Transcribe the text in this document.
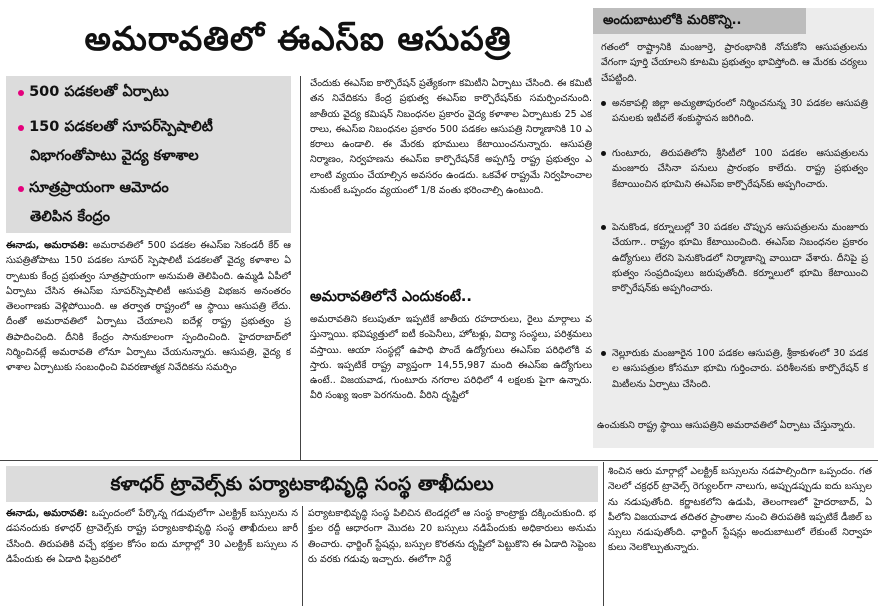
అమరావతిలో ఈఎస్ఐ ఆసుపత్రి
500 పడకలతో ఏర్పాటు
150 పడకలతో సూపర్‌స్పెషాలిటీ
విభాగంతోపాటు వైద్య కళాశాల
సూత్రప్రాయంగా ఆమోదం
తెలిపిన కేంద్రం
ఈనాడు, అమరావతి: అమరావతిలో 500 పడకల ఈఎస్ఐ సెకండరీ కేర్ ఆసుపత్రితోపాటు 150 పడకల సూపర్ స్పెషాలిటీ పడకలతో వైద్య కళాశాల ఏర్పాటుకు కేంద్ర ప్రభుత్వం సూత్రప్రాయంగా అనుమతి తెలిపింది. ఉమ్మడి ఏపీలో ఏర్పాటు చేసిన ఈఎస్ఐ సూపర్‌స్పెషాలిటీ ఆసుపత్రి విభజన అనంతరం తెలంగాణకు వెళ్లిపోయింది. ఆ తర్వాత రాష్ట్రంలో ఆ స్థాయి ఆసుపత్రి లేదు. దీంతో అమరావతిలో ఏర్పాటు చేయాలని ఐదేళ్ల రాష్ట్ర ప్రభుత్వం ప్రతిపాదించింది. దీనికి కేంద్రం సానుకూలంగా స్పందించింది. హైదరాబాద్‌లో నిర్మించినట్లే అమరావతి లోనూ ఏర్పాటు చేయనున్నారు. ఆసుపత్రి, వైద్య కళాశాల ఏర్పాటుకు సంబంధించి వివరణాత్మక నివేదికను సమర్పిం
చేందుకు ఈఎస్ఐ కార్పొరేషన్ ప్రత్యేకంగా కమిటీని ఏర్పాటు చేసింది. ఈ కమిటీ తన నివేదికను కేంద్ర ప్రభుత్వ ఈఎస్ఐ కార్పొరేషన్‌కు సమర్పించనుంది. జాతీయ వైద్య కమిషన్ నిబంధనల ప్రకారం వైద్య కళాశాల ఏర్పాటుకు 25 ఎకరాలు, ఈఎస్ఐ నిబంధనల ప్రకారం 500 పడకల ఆసుపత్రి నిర్మాణానికి 10 ఎకరాలు ఉండాలి. ఈ మేరకు భూములు కేటాయించనున్నారు. ఆసుపత్రి నిర్మాణం, నిర్వహణను ఈఎస్ఐ కార్పొరేషన్‌కే అప్పగిస్తే రాష్ట్ర ప్రభుత్వం ఎలాంటి వ్యయం చేయాల్సిన అవసరం ఉండదు. ఒకవేళ రాష్ట్రమే నిర్వహించాలనుకుంటే ఒప్పందం వ్యయంలో 1/8 వంతు భరించాల్సి ఉంటుంది.
అమరావతిలోనే ఎందుకంటే..
అమరావతిని కలుపుతూ ఇప్పటికే జాతీయ రహదారులు, రైలు మార్గాలు వస్తున్నాయి. భవిష్యత్తులో ఐటీ కంపెనీలు, హోటళ్లు, విద్యా సంస్థలు, పరిశ్రమలు వస్తాయి. ఆయా సంస్థల్లో ఉపాధి పొందే ఉద్యోగులు ఈఎస్ఐ పరిధిలోకి వస్తారు. ఇప్పటికే రాష్ట్ర వ్యాప్తంగా 14,55,987 మంది ఈఎస్ఐ ఉద్యోగులు ఉంటే.. విజయవాడ, గుంటూరు నగరాల పరిధిలో 4 లక్షలకు పైగా ఉన్నారు. వీరి సంఖ్య ఇంకా పెరగనుంది. వీరిని దృష్టిలో
అందుబాటులోకి మరికొన్ని..
గతంలో రాష్ట్రానికి మంజూర్తె, ప్రారంభానికి నోచుకోని ఆసుపత్రులను వేగంగా పూర్తి చేయాలని కూటమి ప్రభుత్వం భావిస్తోంది. ఆ మేరకు చర్యలు చేపట్టింది.
అనకాపల్లి జిల్లా అచ్యుతాపురంలో నిర్మించనున్న 30 పడకల ఆసుపత్రి పనులకు ఇటీవలే శంకుస్థాపన జరిగింది.
గుంటూరు, తిరుపతిలోని శ్రీసిటీలో 100 పడకల ఆసుపత్రులను మంజూరు చేసినా పనులు ప్రారంభం కాలేదు. రాష్ట్ర ప్రభుత్వం కేటాయించిన భూమిని ఈఎస్ఐ కార్పొరేషన్‌కు అప్పగించారు.
పెనుకొండ, కర్నూలుల్లో 30 పడకల చొప్పున ఆసుపత్రులను మంజూరు చేయగా.. రాష్ట్రం భూమి కేటాయించింది. ఈఎస్ఐ నిబంధనల ప్రకారం ఉద్యోగులు లేరని పెనుకొండలో నిర్మాణాన్ని వాయిదా వేశారు. దీనిపై ప్రభుత్వం సంప్రదింపులు జరుపుతోంది. కర్నూలులో భూమి కేటాయించి కార్పొరేషన్‌కు అప్పగించారు.
నెల్లూరుకు మంజూరైన 100 పడకల ఆసుపత్రి, శ్రీకాకుళంలో 30 పడకల ఆసుపత్రుల కోసమూ భూమి గుర్తించారు. పరిశీలనకు కార్పొరేషన్ కమిటీలను ఏర్పాటు చేసింది.
ఉంచుకుని రాష్ట్ర స్థాయి ఆసుపత్రిని అమరావతిలో ఏర్పాటు చేస్తున్నారు.
కళాధర్ ట్రావెల్స్‌కు పర్యాటకాభివృద్ధి సంస్థ తాఖీదులు
ఈనాడు, అమరావతి: ఒప్పందంలో పేర్కొన్న గడువులోగా ఎలక్ట్రిక్ బస్సులను నడపనందుకు కళాధర్ ట్రావెల్స్‌కు రాష్ట్ర పర్యాటకాభివృద్ధి సంస్థ తాఖీదులు జారీ చేసింది. తిరుపతికి వచ్చే భక్తుల కోసం ఐదు మార్గాల్లో 30 ఎలక్ట్రిక్ బస్సులు నడిపేందుకు ఈ ఏడాది ఫిబ్రవరిలో
పర్యాటకాభివృద్ధి సంస్థ పిలిచిన టెండర్లలో ఆ సంస్థ కాంట్రాక్టు దక్కించుకుంది. భక్తుల రద్దీ ఆధారంగా మొదట 20 బస్సులు నడిపేందుకు అధికారులు అనుమతించారు. ఛార్జింగ్ స్టేషన్లు, బస్సుల కొరతను దృష్టిలో పెట్టుకొని ఈ ఏడాది సెప్టెంబరు వరకు గడువు ఇచ్చారు. ఈలోగా నిర్దే
శించిన ఆరు మార్గాల్లో ఎలక్ట్రిక్ బస్సులను నడపాల్సిందిగా ఒప్పందం. గత నెలలో చక్రధర్ ట్రావెల్స్ రెగ్యులర్‌గా నాలుగు, అప్పుడప్పుడు ఐదు బస్సులను నడుపుతోంది. కర్ణాటకలోని ఉడుపి, తెలంగాణలో హైదరాబాద్, ఏపీలోని విజయవాడ తదితర ప్రాంతాల నుంచి తిరుపతికి ఇప్పటికే డీజిల్ బస్సులు నడుపుతోంది. ఛార్జింగ్ స్టేషన్లు అందుబాటులో లేకుంటే నిర్వాహకులు నెలకొల్పుతున్నారు.
